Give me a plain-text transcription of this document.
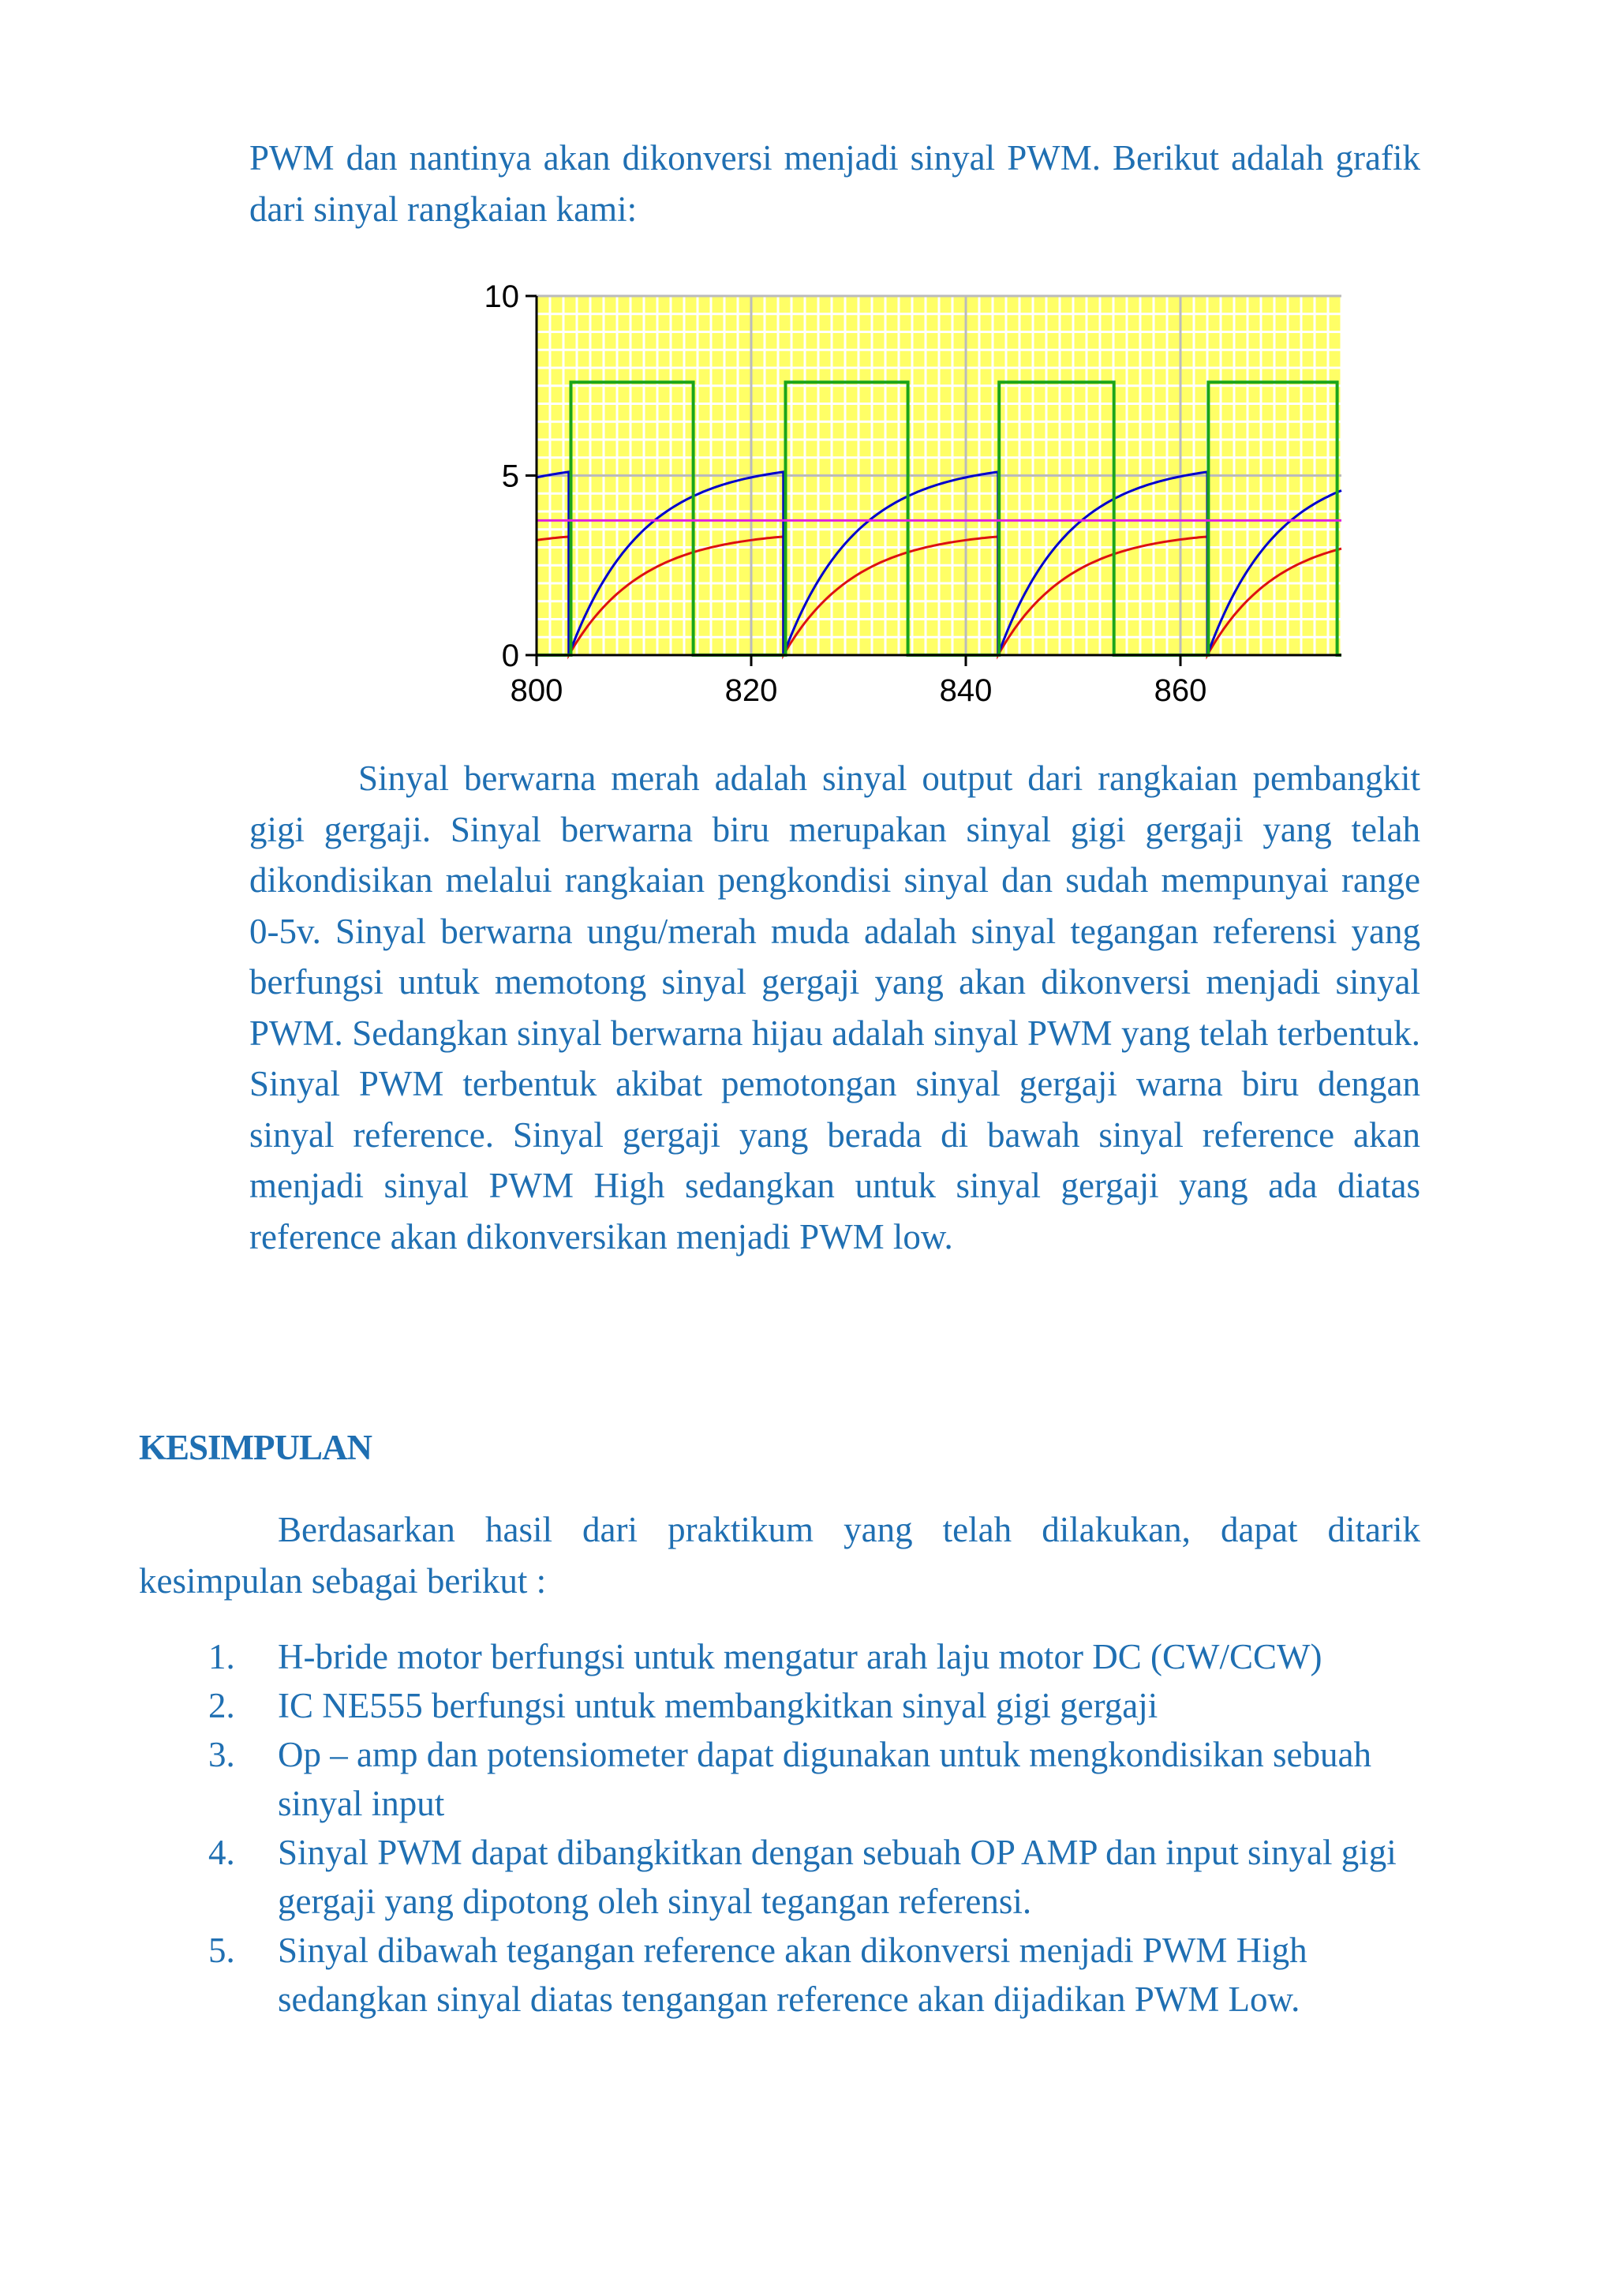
PWM dan nantinya akan dikonversi menjadi sinyal PWM. Berikut adalah grafik dari sinyal rangkaian kami:

0
5
10
800	820	840	860

Sinyal berwarna merah adalah sinyal output dari rangkaian pembangkit gigi gergaji. Sinyal berwarna biru merupakan sinyal gigi gergaji yang telah dikondisikan melalui rangkaian pengkondisi sinyal dan sudah mempunyai range 0-5v. Sinyal berwarna ungu/merah muda adalah sinyal tegangan referensi yang berfungsi untuk memotong sinyal gergaji yang akan dikonversi menjadi sinyal PWM. Sedangkan sinyal berwarna hijau adalah sinyal PWM yang telah terbentuk. Sinyal PWM terbentuk akibat pemotongan sinyal gergaji warna biru dengan sinyal reference. Sinyal gergaji yang berada di bawah sinyal reference akan menjadi sinyal PWM High sedangkan untuk sinyal gergaji yang ada diatas reference akan dikonversikan menjadi PWM low.

KESIMPULAN

Berdasarkan hasil dari praktikum yang telah dilakukan, dapat ditarik kesimpulan sebagai berikut :

1. H-bride motor berfungsi untuk mengatur arah laju motor DC (CW/CCW)
2. IC NE555 berfungsi untuk membangkitkan sinyal gigi gergaji
3. Op – amp dan potensiometer dapat digunakan untuk mengkondisikan sebuah sinyal input
4. Sinyal PWM dapat dibangkitkan dengan sebuah OP AMP dan input sinyal gigi gergaji yang dipotong oleh sinyal tegangan referensi.
5. Sinyal dibawah tegangan reference akan dikonversi menjadi PWM High sedangkan sinyal diatas tengangan reference akan dijadikan PWM Low.
